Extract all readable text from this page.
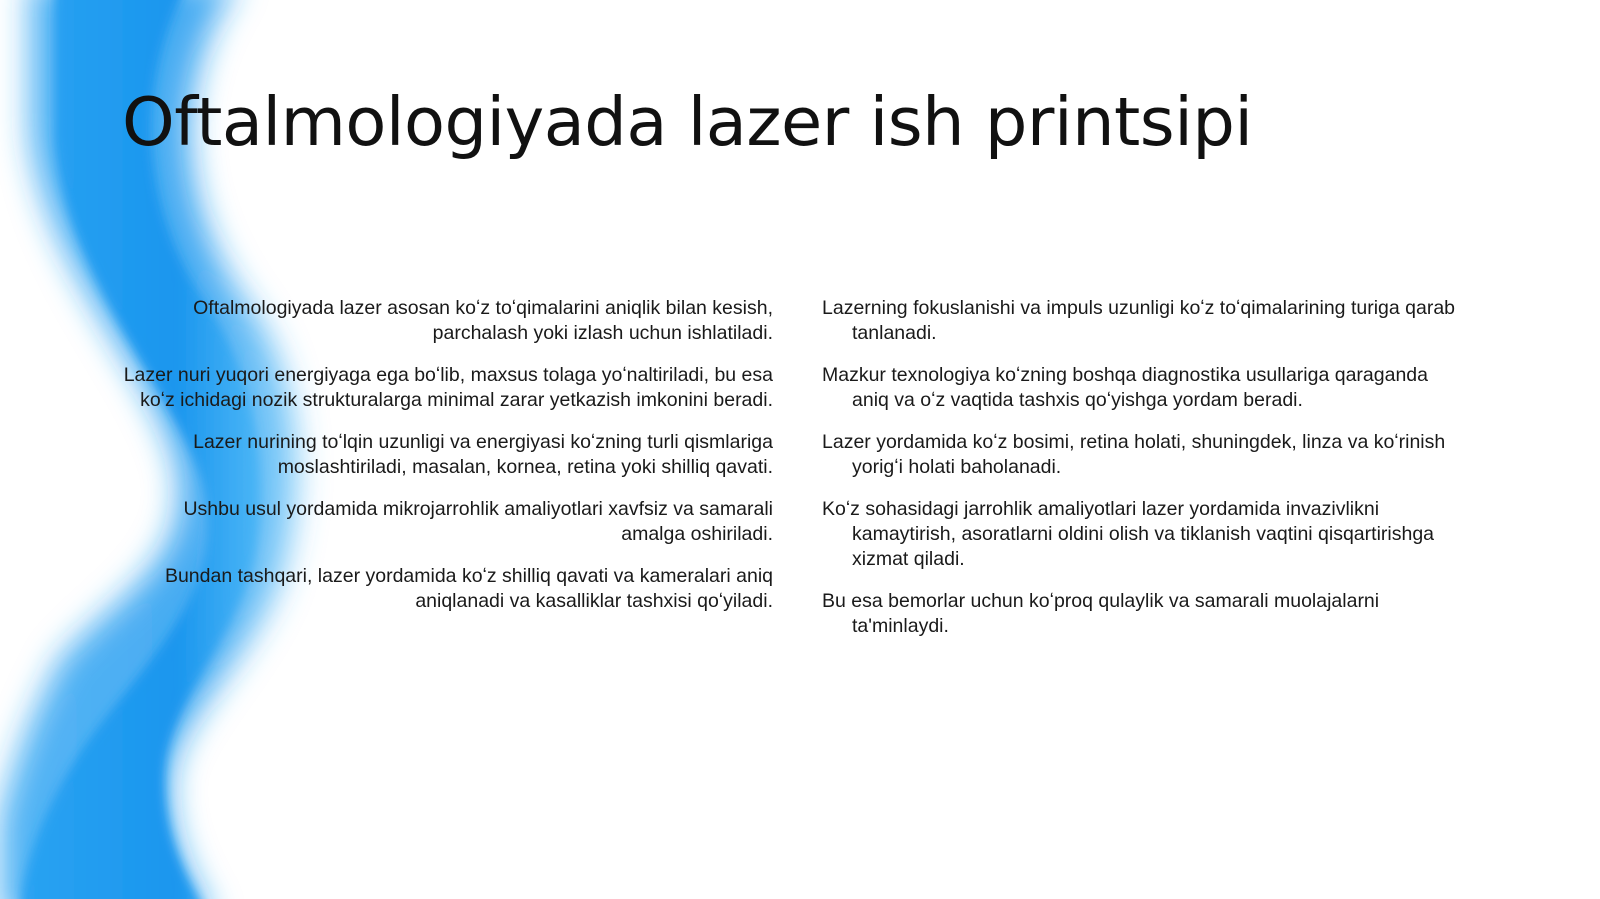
Oftalmologiyada lazer ish printsipi

Oftalmologiyada lazer asosan koʻz toʻqimalarini aniqlik bilan kesish, parchalash yoki izlash uchun ishlatiladi.

Lazer nuri yuqori energiyaga ega boʻlib, maxsus tolaga yoʻnaltiriladi, bu esa koʻz ichidagi nozik strukturalarga minimal zarar yetkazish imkonini beradi.

Lazer nurining toʻlqin uzunligi va energiyasi koʻzning turli qismlariga moslashtiriladi, masalan, kornea, retina yoki shilliq qavati.

Ushbu usul yordamida mikrojarrohlik amaliyotlari xavfsiz va samarali amalga oshiriladi.

Bundan tashqari, lazer yordamida koʻz shilliq qavati va kameralari aniq aniqlanadi va kasalliklar tashxisi qoʻyiladi.

Lazerning fokuslanishi va impuls uzunligi koʻz toʻqimalarining turiga qarab tanlanadi.

Mazkur texnologiya koʻzning boshqa diagnostika usullariga qaraganda aniq va oʻz vaqtida tashxis qoʻyishga yordam beradi.

Lazer yordamida koʻz bosimi, retina holati, shuningdek, linza va koʻrinish yorigʻi holati baholanadi.

Koʻz sohasidagi jarrohlik amaliyotlari lazer yordamida invazivlikni kamaytirish, asoratlarni oldini olish va tiklanish vaqtini qisqartirishga xizmat qiladi.

Bu esa bemorlar uchun koʻproq qulaylik va samarali muolajalarni ta'minlaydi.
